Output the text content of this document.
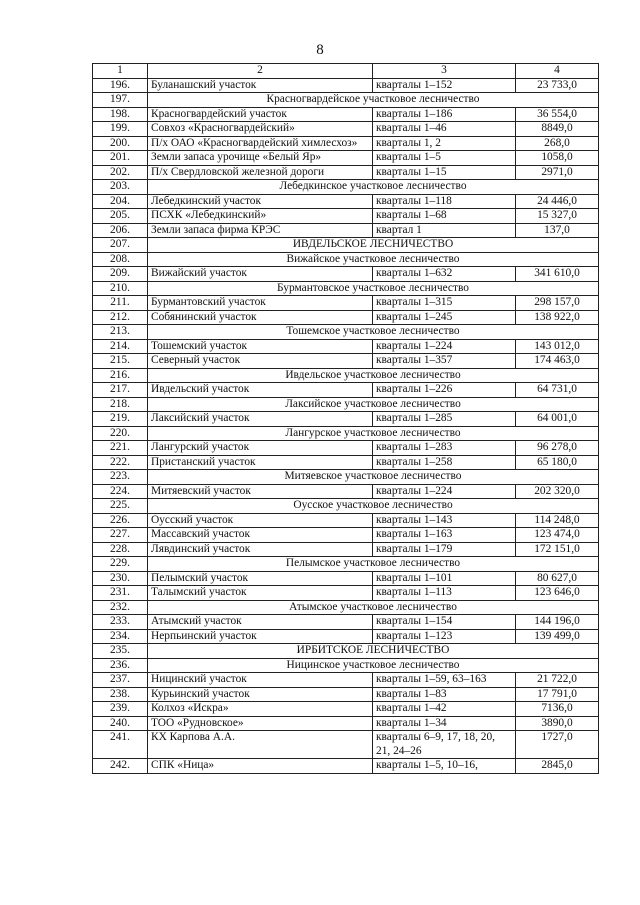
8
1	2	3	4
196.	Буланашский участок	кварталы 1–152	23 733,0
197.	Красногвардейское участковое лесничество		
198.	Красногвардейский участок	кварталы 1–186	36 554,0
199.	Совхоз «Красногвардейский»	кварталы 1–46	8849,0
200.	П/х ОАО «Красногвардейский химлесхоз»	кварталы 1, 2	268,0
201.	Земли запаса урочище «Белый Яр»	кварталы 1–5	1058,0
202.	П/х Свердловской железной дороги	кварталы 1–15	2971,0
203.	Лебедкинское участковое лесничество		
204.	Лебедкинский участок	кварталы 1–118	24 446,0
205.	ПСХК «Лебедкинский»	кварталы 1–68	15 327,0
206.	Земли запаса фирма КРЭС	квартал 1	137,0
207.	ИВДЕЛЬСКОЕ ЛЕСНИЧЕСТВО		
208.	Вижайское участковое лесничество		
209.	Вижайский участок	кварталы 1–632	341 610,0
210.	Бурмантовское участковое лесничество		
211.	Бурмантовский участок	кварталы 1–315	298 157,0
212.	Собянинский участок	кварталы 1–245	138 922,0
213.	Тошемское участковое лесничество		
214.	Тошемский участок	кварталы 1–224	143 012,0
215.	Северный участок	кварталы 1–357	174 463,0
216.	Ивдельское участковое лесничество		
217.	Ивдельский участок	кварталы 1–226	64 731,0
218.	Лаксийское участковое лесничество		
219.	Лаксийский участок	кварталы 1–285	64 001,0
220.	Лангурское участковое лесничество		
221.	Лангурский участок	кварталы 1–283	96 278,0
222.	Пристанский участок	кварталы 1–258	65 180,0
223.	Митяевское участковое лесничество		
224.	Митяевский участок	кварталы 1–224	202 320,0
225.	Оусское участковое лесничество		
226.	Оусский участок	кварталы 1–143	114 248,0
227.	Массавский участок	кварталы 1–163	123 474,0
228.	Лявдинский участок	кварталы 1–179	172 151,0
229.	Пелымское участковое лесничество		
230.	Пелымский участок	кварталы 1–101	80 627,0
231.	Талымский участок	кварталы 1–113	123 646,0
232.	Атымское участковое лесничество		
233.	Атымский участок	кварталы 1–154	144 196,0
234.	Нерпьинский участок	кварталы 1–123	139 499,0
235.	ИРБИТСКОЕ ЛЕСНИЧЕСТВО		
236.	Ницинское участковое лесничество		
237.	Ницинский участок	кварталы 1–59, 63–163	21 722,0
238.	Курьинский участок	кварталы 1–83	17 791,0
239.	Колхоз «Искра»	кварталы 1–42	7136,0
240.	ТОО «Рудновское»	кварталы 1–34	3890,0
241.	КХ Карпова А.А.	кварталы 6–9, 17, 18, 20, 21, 24–26	1727,0
242.	СПК «Ница»	кварталы 1–5, 10–16,	2845,0
